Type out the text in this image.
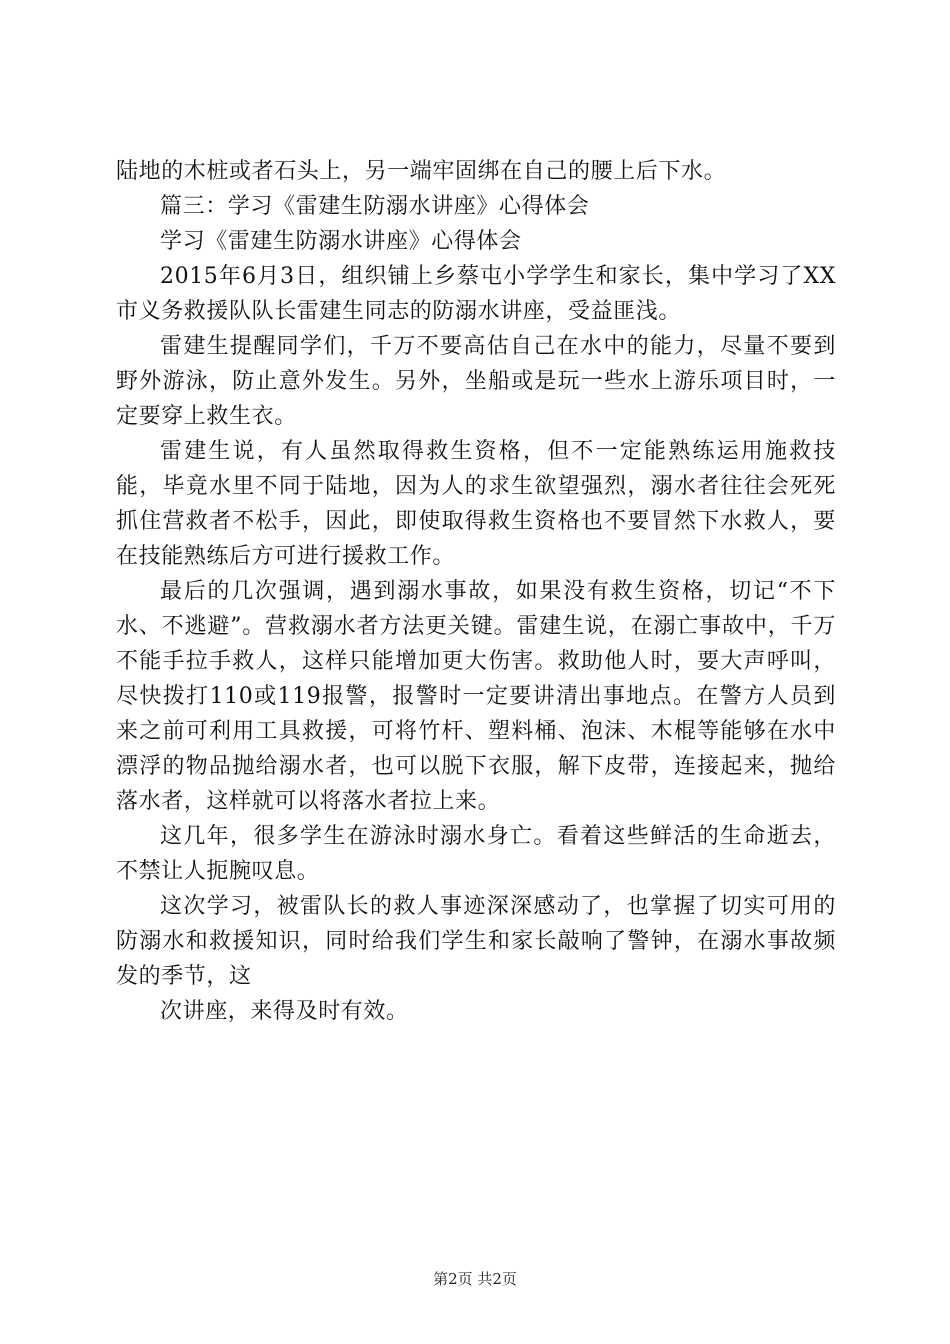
陆地的木桩或者石头上，另一端牢固绑在自己的腰上后下水。

篇三：学习《雷建生防溺水讲座》心得体会

学习《雷建生防溺水讲座》心得体会

2015年6月3日，组织铺上乡蔡屯小学学生和家长，集中学习了XX市义务救援队队长雷建生同志的防溺水讲座，受益匪浅。

雷建生提醒同学们，千万不要高估自己在水中的能力，尽量不要到野外游泳，防止意外发生。另外，坐船或是玩一些水上游乐项目时，一定要穿上救生衣。

雷建生说，有人虽然取得救生资格，但不一定能熟练运用施救技能，毕竟水里不同于陆地，因为人的求生欲望强烈，溺水者往往会死死抓住营救者不松手，因此，即使取得救生资格也不要冒然下水救人，要在技能熟练后方可进行援救工作。

最后的几次强调，遇到溺水事故，如果没有救生资格，切记“不下水、不逃避”。营救溺水者方法更关键。雷建生说，在溺亡事故中，千万不能手拉手救人，这样只能增加更大伤害。救助他人时，要大声呼叫，尽快拨打110或119报警，报警时一定要讲清出事地点。在警方人员到来之前可利用工具救援，可将竹杆、塑料桶、泡沫、木棍等能够在水中漂浮的物品抛给溺水者，也可以脱下衣服，解下皮带，连接起来，抛给落水者，这样就可以将落水者拉上来。

这几年，很多学生在游泳时溺水身亡。看着这些鲜活的生命逝去，不禁让人扼腕叹息。

这次学习，被雷队长的救人事迹深深感动了，也掌握了切实可用的防溺水和救援知识，同时给我们学生和家长敲响了警钟，在溺水事故频发的季节，这

次讲座，来得及时有效。

第2页 共2页
